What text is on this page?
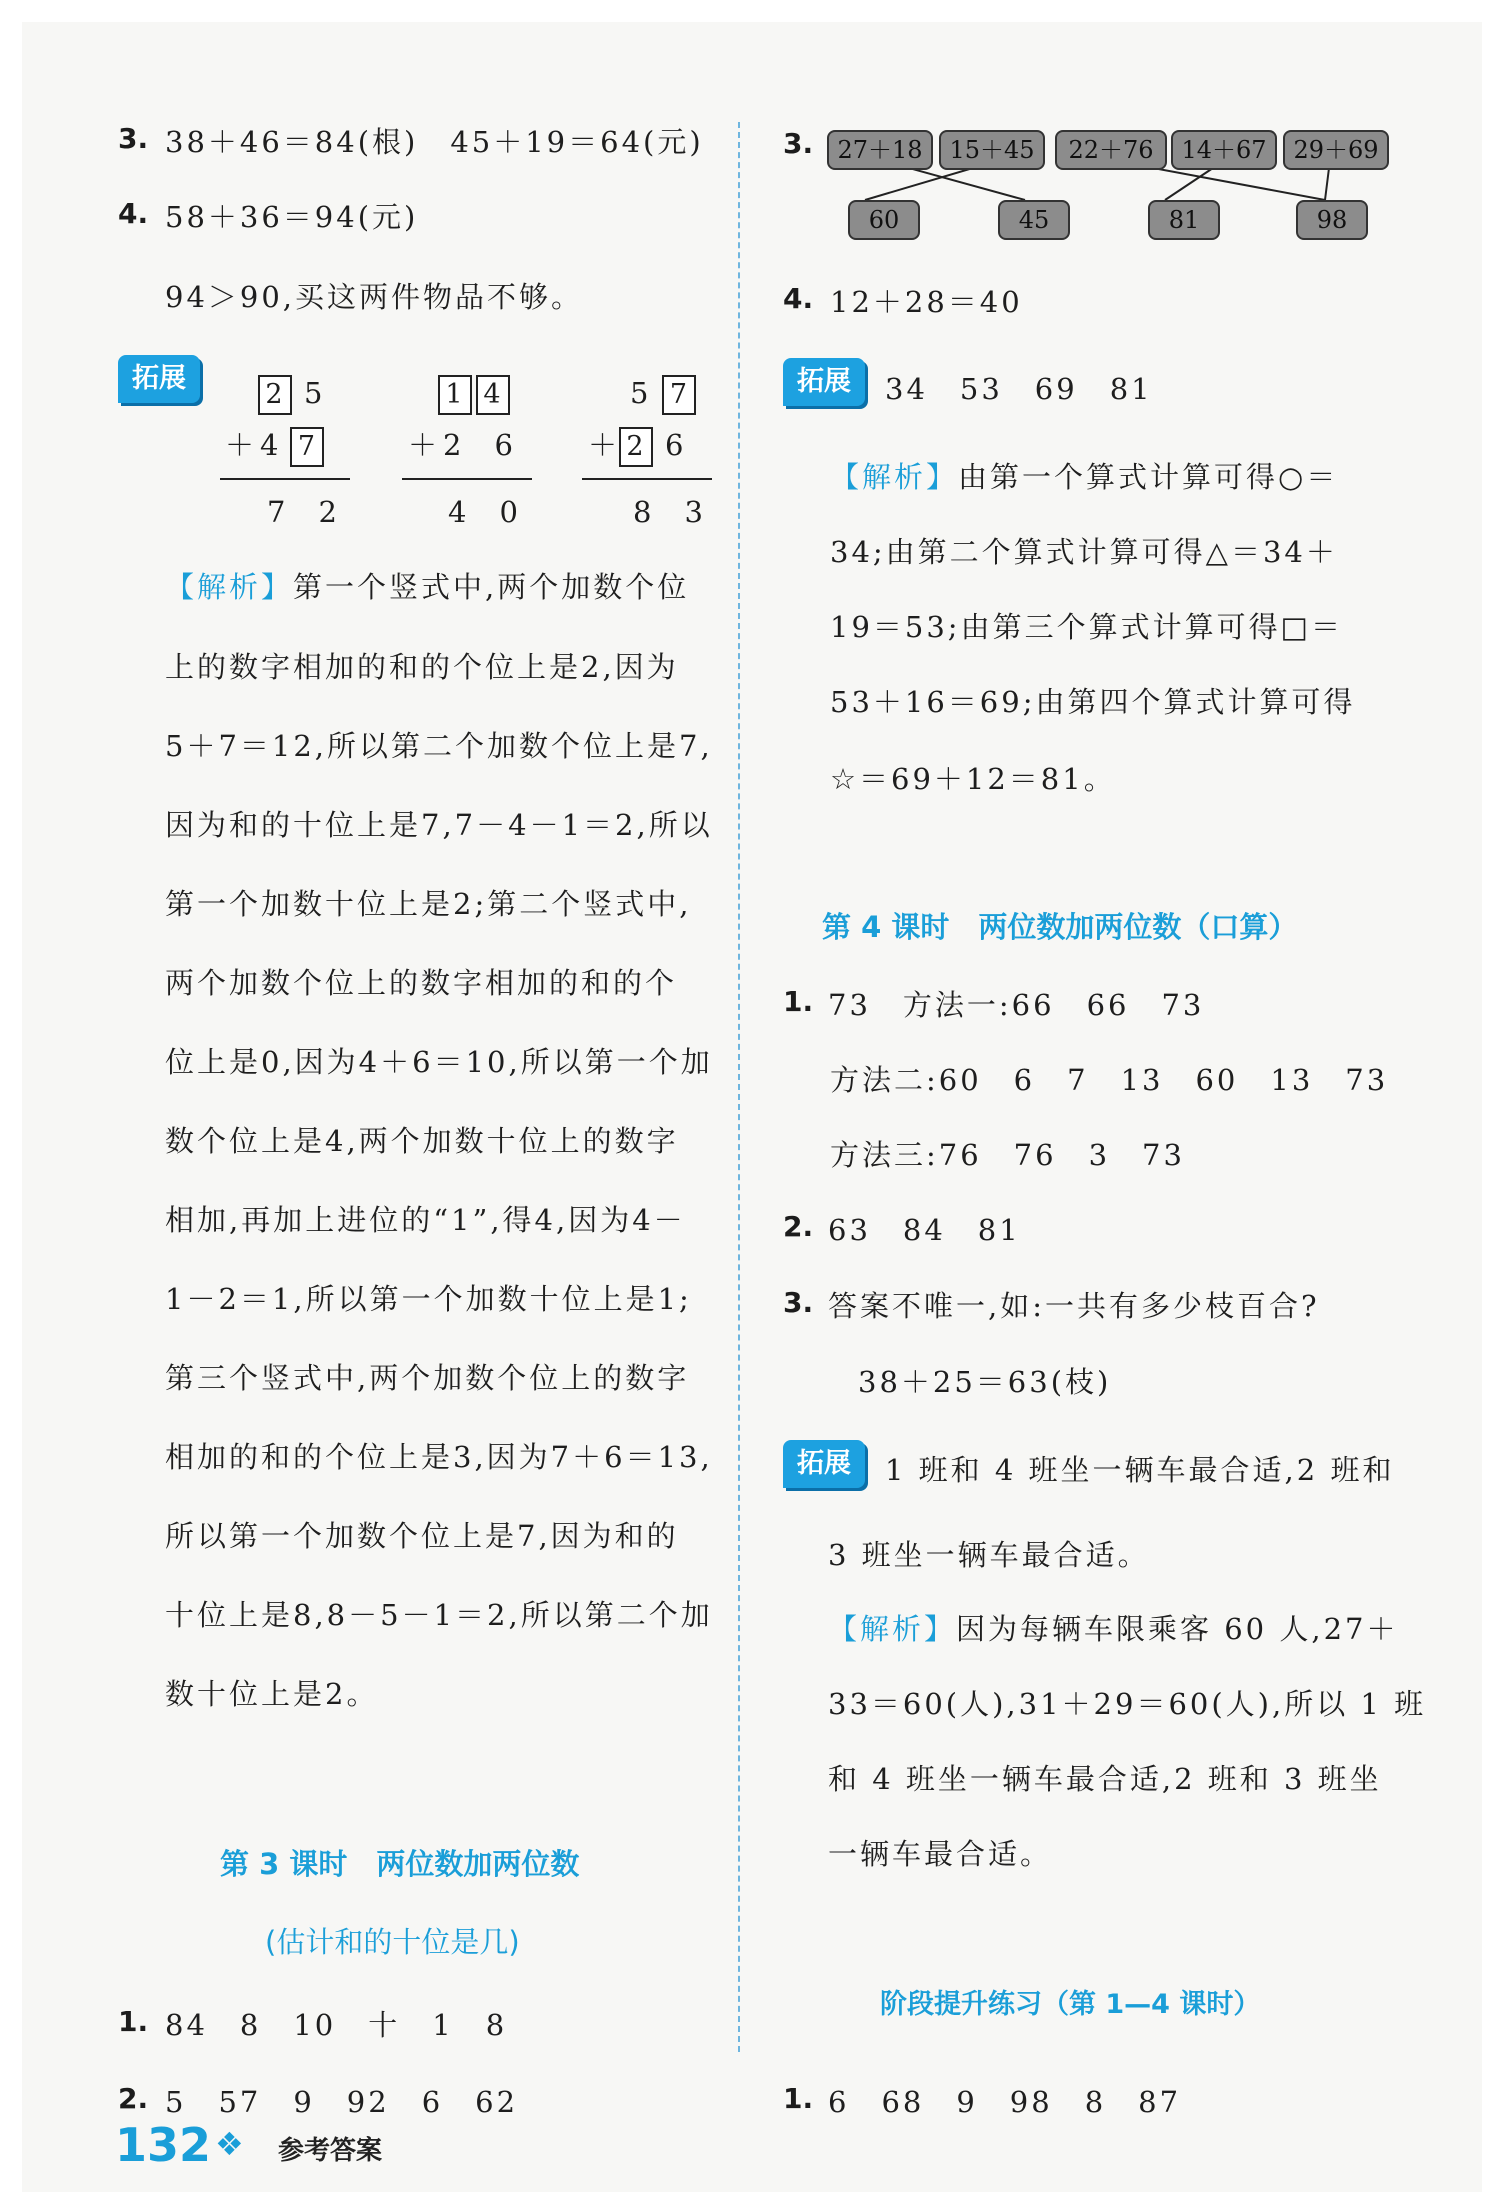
3. 38＋46＝84(根)　45＋19＝64(元)
4. 58＋36＝94(元)
94＞90,买这两件物品不够。
拓展
2 5
＋ 4 7
7　2
1 4
＋ 2　6
4　0
5 7
＋ 2 6
8　3
【解析】第一个竖式中,两个加数个位
上的数字相加的和的个位上是2,因为
5＋7＝12,所以第二个加数个位上是7,
因为和的十位上是7,7－4－1＝2,所以
第一个加数十位上是2;第二个竖式中,
两个加数个位上的数字相加的和的个
位上是0,因为4＋6＝10,所以第一个加
数个位上是4,两个加数十位上的数字
相加,再加上进位的“1”,得4,因为4－
1－2＝1,所以第一个加数十位上是1;
第三个竖式中,两个加数个位上的数字
相加的和的个位上是3,因为7＋6＝13,
所以第一个加数个位上是7,因为和的
十位上是8,8－5－1＝2,所以第二个加
数十位上是2。
第 3 课时　两位数加两位数
(估计和的十位是几)
1. 84　8　10　十　1　8
2. 5　57　9　92　6　62
3.	27＋18	15＋45	22＋76	14＋67	29＋69
60	45	81	98
4. 12＋28＝40
拓展	34　53　69　81
【解析】由第一个算式计算可得○＝
34;由第二个算式计算可得△＝34＋
19＝53;由第三个算式计算可得□＝
53＋16＝69;由第四个算式计算可得
☆＝69＋12＝81。
第 4 课时　两位数加两位数（口算）
1. 73　方法一:66　66　73
方法二:60　6　7　13　60　13　73
方法三:76　76　3　73
2. 63　84　81
3. 答案不唯一,如:一共有多少枝百合?
38＋25＝63(枝)
拓展	1 班和 4 班坐一辆车最合适,2 班和
3 班坐一辆车最合适。
【解析】因为每辆车限乘客 60 人,27＋
33＝60(人),31＋29＝60(人),所以 1 班
和 4 班坐一辆车最合适,2 班和 3 班坐
一辆车最合适。
阶段提升练习（第 1—4 课时）
1. 6　68　9　98　8　87
132 ❖ 参考答案
